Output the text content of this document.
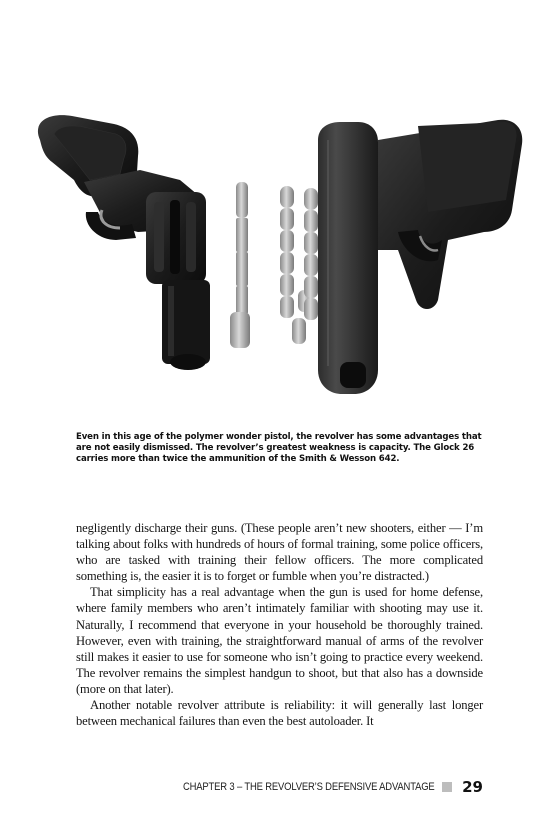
Even in this age of the polymer wonder pistol, the revolver has some advantages that are not easily dismissed. The revolver’s greatest weakness is capacity. The Glock 26 carries more than twice the ammunition of the Smith & Wesson 642.

negligently discharge their guns. (These people aren’t new shooters, either — I’m talking about folks with hundreds of hours of formal training, some police officers, who are tasked with training their fellow officers. The more complicated something is, the easier it is to forget or fumble when you’re distracted.)

That simplicity has a real advantage when the gun is used for home defense, where family members who aren’t intimately familiar with shooting may use it. Naturally, I recommend that everyone in your household be thoroughly trained. However, even with training, the straightforward manual of arms of the revolver still makes it easier to use for someone who isn’t going to practice every weekend. The revolver remains the simplest handgun to shoot, but that also has a downside (more on that later).

Another notable revolver attribute is reliability: it will generally last longer between mechanical failures than even the best autoloader. It

CHAPTER 3 – THE REVOLVER’S DEFENSIVE ADVANTAGE 29
